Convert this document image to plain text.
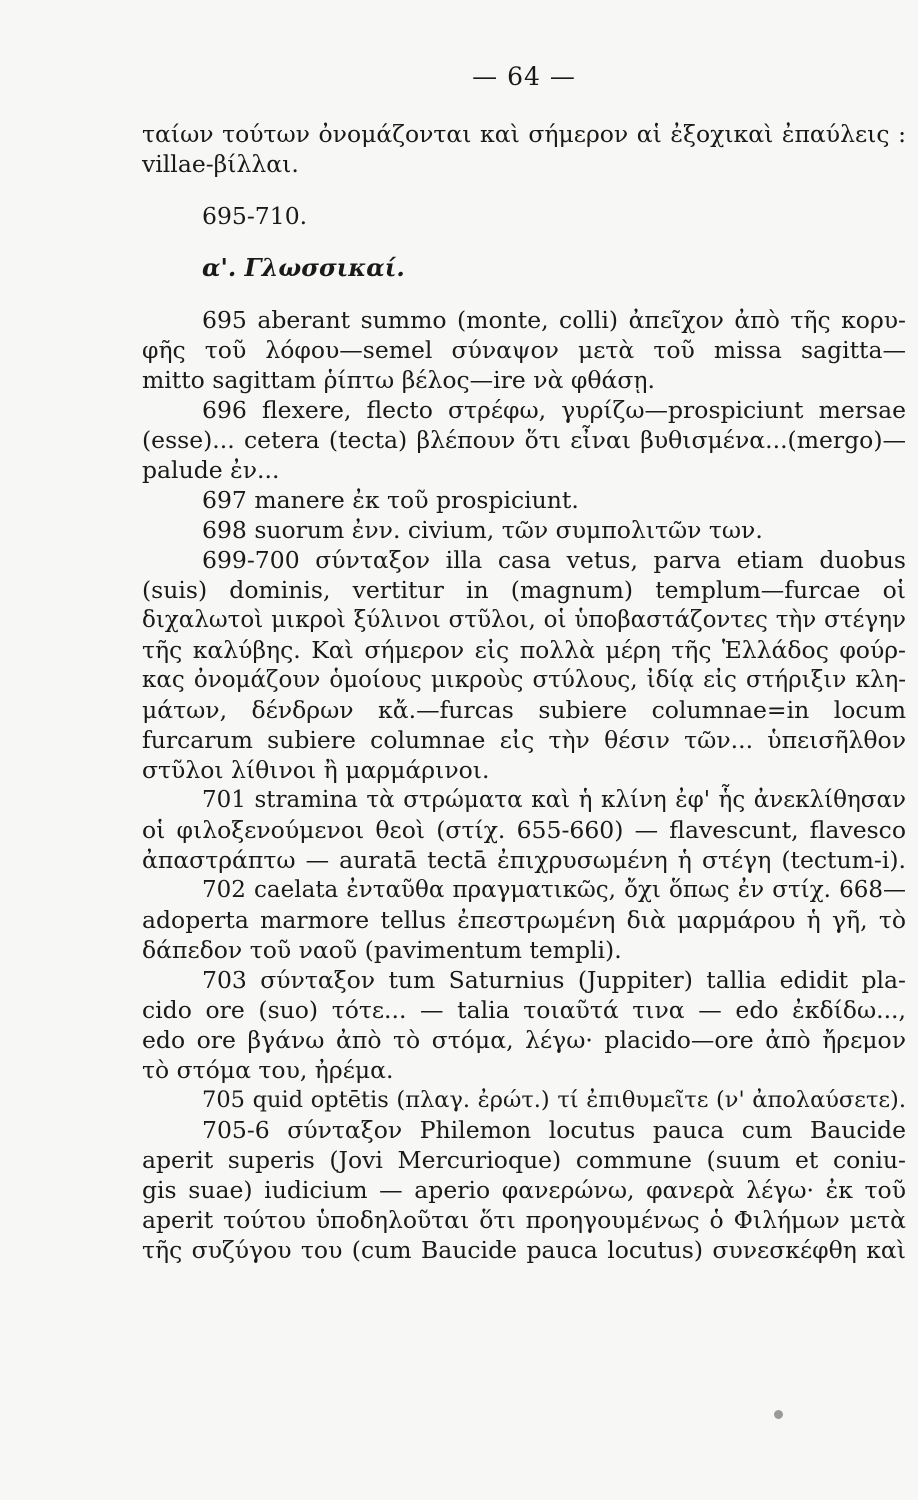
— 64 —
ταίων τούτων ὀνομάζονται καὶ σήμερον αἱ ἐξοχικαὶ ἐπαύλεις :
villae-βίλλαι.
695-710.
α'. Γλωσσικαί.
695 aberant summo (monte, colli) ἀπεῖχον ἀπὸ τῆς κορυ-
φῆς τοῦ λόφου—semel σύναψον μετὰ τοῦ missa sagitta—
mitto sagittam ῥίπτω βέλος—ire νὰ φθάσῃ.
696 flexere, flecto στρέφω, γυρίζω—prospiciunt mersae
(esse)... cetera (tecta) βλέπουν ὅτι εἶναι βυθισμένα...(mergo)—
palude ἐν...
697 manere ἐκ τοῦ prospiciunt.
698 suorum ἐνν. civium, τῶν συμπολιτῶν των.
699-700 σύνταξον illa casa vetus, parva etiam duobus
(suis) dominis, vertitur in (magnum) templum—furcae οἱ
διχαλωτοὶ μικροὶ ξύλινοι στῦλοι, οἱ ὑποβαστάζοντες τὴν στέγην
τῆς καλύβης. Καὶ σήμερον εἰς πολλὰ μέρη τῆς Ἑλλάδος φούρ-
κας ὀνομάζουν ὁμοίους μικροὺς στύλους, ἰδίᾳ εἰς στήριξιν κλη-
μάτων, δένδρων κἄ.—furcas subiere columnae=in locum
furcarum subiere columnae εἰς τὴν θέσιν τῶν... ὑπεισῆλθον
στῦλοι λίθινοι ἢ μαρμάρινοι.
701 stramina τὰ στρώματα καὶ ἡ κλίνη ἐφ' ἧς ἀνεκλίθησαν
οἱ φιλοξενούμενοι θεοὶ (στίχ. 655-660) — flavescunt, flavesco
ἀπαστράπτω — auratā tectā ἐπιχρυσωμένη ἡ στέγη (tectum-i).
702 caelata ἐνταῦθα πραγματικῶς, ὄχι ὅπως ἐν στίχ. 668—
adoperta marmore tellus ἐπεστρωμένη διὰ μαρμάρου ἡ γῆ, τὸ
δάπεδον τοῦ ναοῦ (pavimentum templi).
703 σύνταξον tum Saturnius (Juppiter) tallia edidit pla-
cido ore (suo) τότε... — talia τοιαῦτά τινα — edo ἐκδίδω...,
edo ore βγάνω ἀπὸ τὸ στόμα, λέγω· placido—ore ἀπὸ ἤρεμον
τὸ στόμα του, ἠρέμα.
705 quid optētis (πλαγ. ἐρώτ.) τί ἐπιθυμεῖτε (ν' ἀπολαύσετε).
705-6 σύνταξον Philemon locutus pauca cum Baucide
aperit superis (Jovi Mercurioque) commune (suum et coniu-
gis suae) iudicium — aperio φανερώνω, φανερὰ λέγω· ἐκ τοῦ
aperit τούτου ὑποδηλοῦται ὅτι προηγουμένως ὁ Φιλήμων μετὰ
τῆς συζύγου του (cum Baucide pauca locutus) συνεσκέφθη καὶ
